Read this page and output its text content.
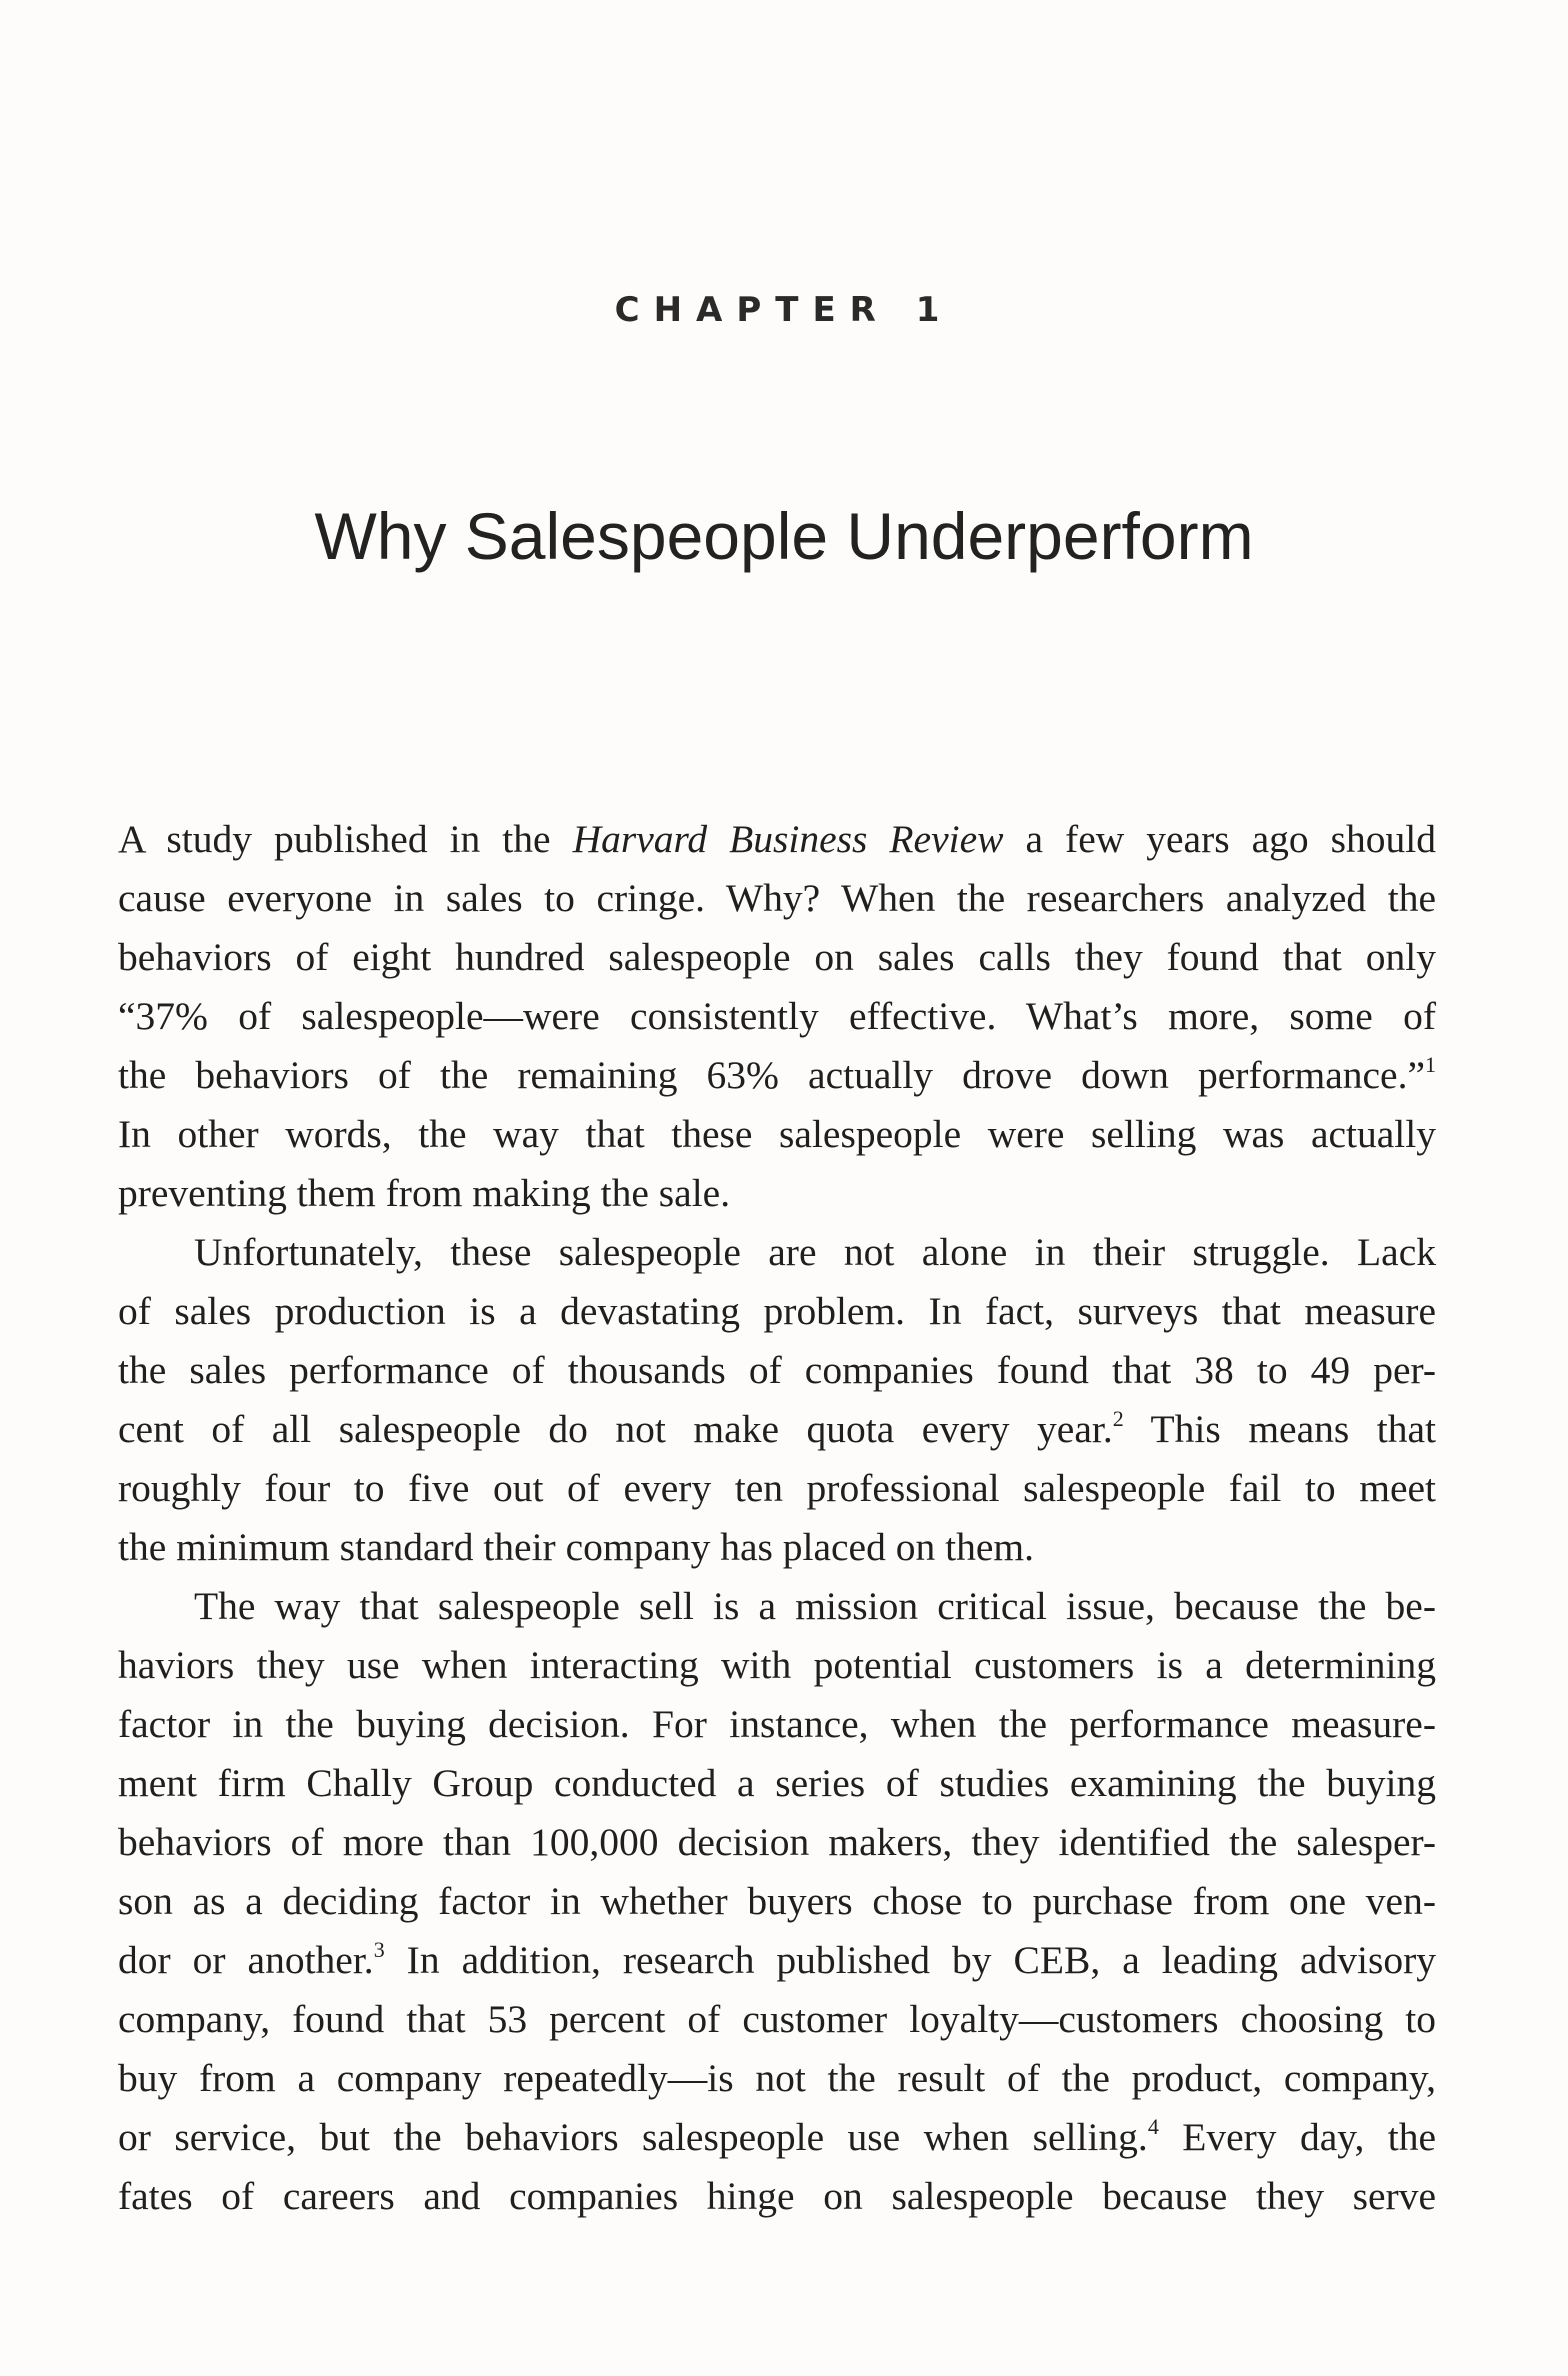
CHAPTER 1
Why Salespeople Underperform
A study published in the Harvard Business Review a few years ago should
cause everyone in sales to cringe. Why? When the researchers analyzed the
behaviors of eight hundred salespeople on sales calls they found that only
“37% of salespeople—were consistently effective. What’s more, some of
the behaviors of the remaining 63% actually drove down performance.”$^1$
In other words, the way that these salespeople were selling was actually
preventing them from making the sale.
Unfortunately, these salespeople are not alone in their struggle. Lack
of sales production is a devastating problem. In fact, surveys that measure
the sales performance of thousands of companies found that 38 to 49 per-
cent of all salespeople do not make quota every year.$^2$ This means that
roughly four to five out of every ten professional salespeople fail to meet
the minimum standard their company has placed on them.
The way that salespeople sell is a mission critical issue, because the be-
haviors they use when interacting with potential customers is a determining
factor in the buying decision. For instance, when the performance measure-
ment firm Chally Group conducted a series of studies examining the buying
behaviors of more than 100,000 decision makers, they identified the salesper-
son as a deciding factor in whether buyers chose to purchase from one ven-
dor or another.$^3$ In addition, research published by CEB, a leading advisory
company, found that 53 percent of customer loyalty—customers choosing to
buy from a company repeatedly—is not the result of the product, company,
or service, but the behaviors salespeople use when selling.$^4$ Every day, the
fates of careers and companies hinge on salespeople because they serve
